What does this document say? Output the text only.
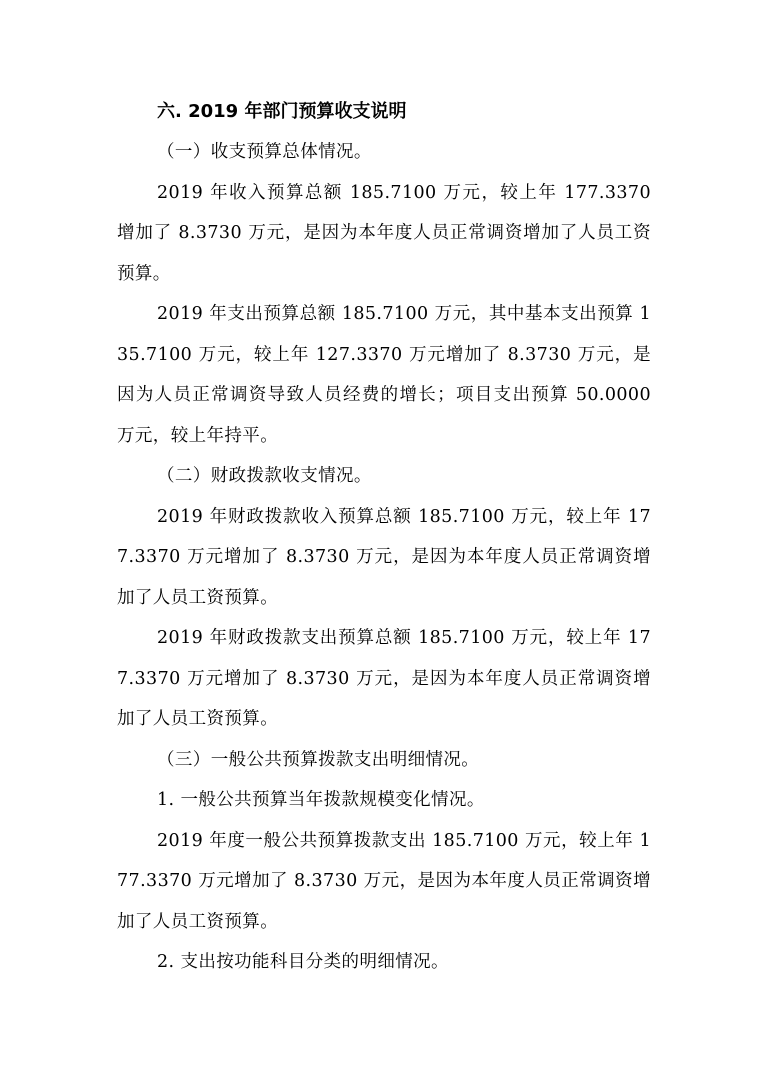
六. 2019 年部门预算收支说明

（一）收支预算总体情况。

2019 年收入预算总额 185.7100 万元，较上年 177.3370 增加了 8.3730 万元，是因为本年度人员正常调资增加了人员工资预算。

2019 年支出预算总额 185.7100 万元，其中基本支出预算 135.7100 万元，较上年 127.3370 万元增加了 8.3730 万元，是因为人员正常调资导致人员经费的增长；项目支出预算 50.0000 万元，较上年持平。

（二）财政拨款收支情况。

2019 年财政拨款收入预算总额 185.7100 万元，较上年 177.3370 万元增加了 8.3730 万元，是因为本年度人员正常调资增加了人员工资预算。

2019 年财政拨款支出预算总额 185.7100 万元，较上年 177.3370 万元增加了 8.3730 万元，是因为本年度人员正常调资增加了人员工资预算。

（三）一般公共预算拨款支出明细情况。

1. 一般公共预算当年拨款规模变化情况。

2019 年度一般公共预算拨款支出 185.7100 万元，较上年 177.3370 万元增加了 8.3730 万元，是因为本年度人员正常调资增加了人员工资预算。

2. 支出按功能科目分类的明细情况。
